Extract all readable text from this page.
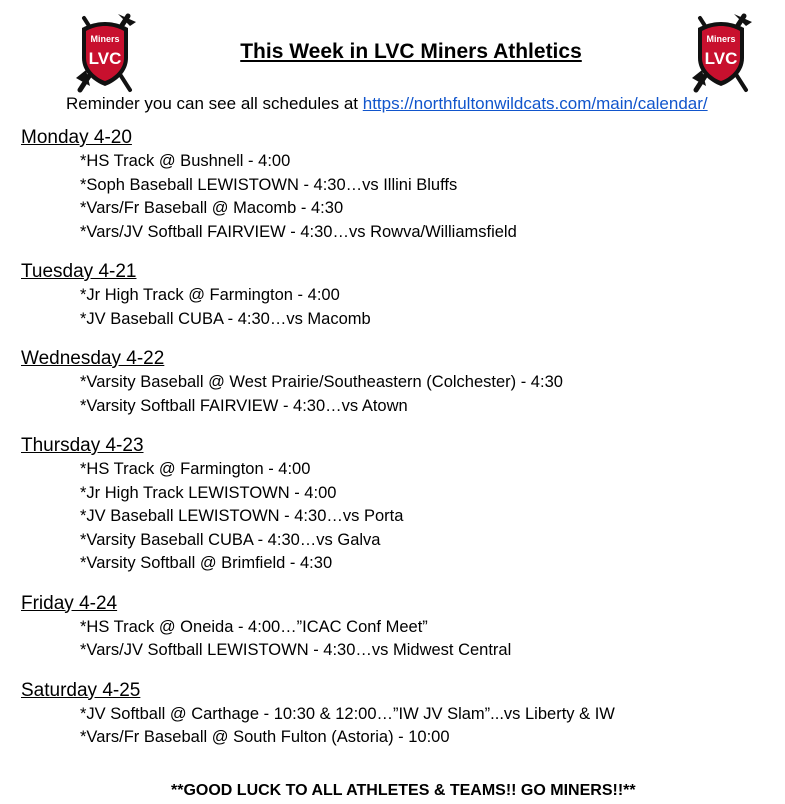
Miners
LVC
Miners
LVC
This Week in LVC Miners Athletics
Reminder you can see all schedules at https://northfultonwildcats.com/main/calendar/
Monday 4-20
*HS Track @ Bushnell - 4:00
*Soph Baseball LEWISTOWN - 4:30…vs Illini Bluffs
*Vars/Fr Baseball @ Macomb - 4:30
*Vars/JV Softball FAIRVIEW - 4:30…vs Rowva/Williamsfield
Tuesday 4-21
*Jr High Track @ Farmington - 4:00
*JV Baseball CUBA - 4:30…vs Macomb
Wednesday 4-22
*Varsity Baseball @ West Prairie/Southeastern (Colchester) - 4:30
*Varsity Softball FAIRVIEW - 4:30…vs Atown
Thursday 4-23
*HS Track @ Farmington - 4:00
*Jr High Track LEWISTOWN - 4:00
*JV Baseball LEWISTOWN - 4:30…vs Porta
*Varsity Baseball CUBA - 4:30…vs Galva
*Varsity Softball @ Brimfield - 4:30
Friday 4-24
*HS Track @ Oneida - 4:00…”ICAC Conf Meet”
*Vars/JV Softball LEWISTOWN - 4:30…vs Midwest Central
Saturday 4-25
*JV Softball @ Carthage - 10:30 & 12:00…”IW JV Slam”...vs Liberty & IW
*Vars/Fr Baseball @ South Fulton (Astoria) - 10:00
**GOOD LUCK TO ALL ATHLETES & TEAMS!! GO MINERS!!**
